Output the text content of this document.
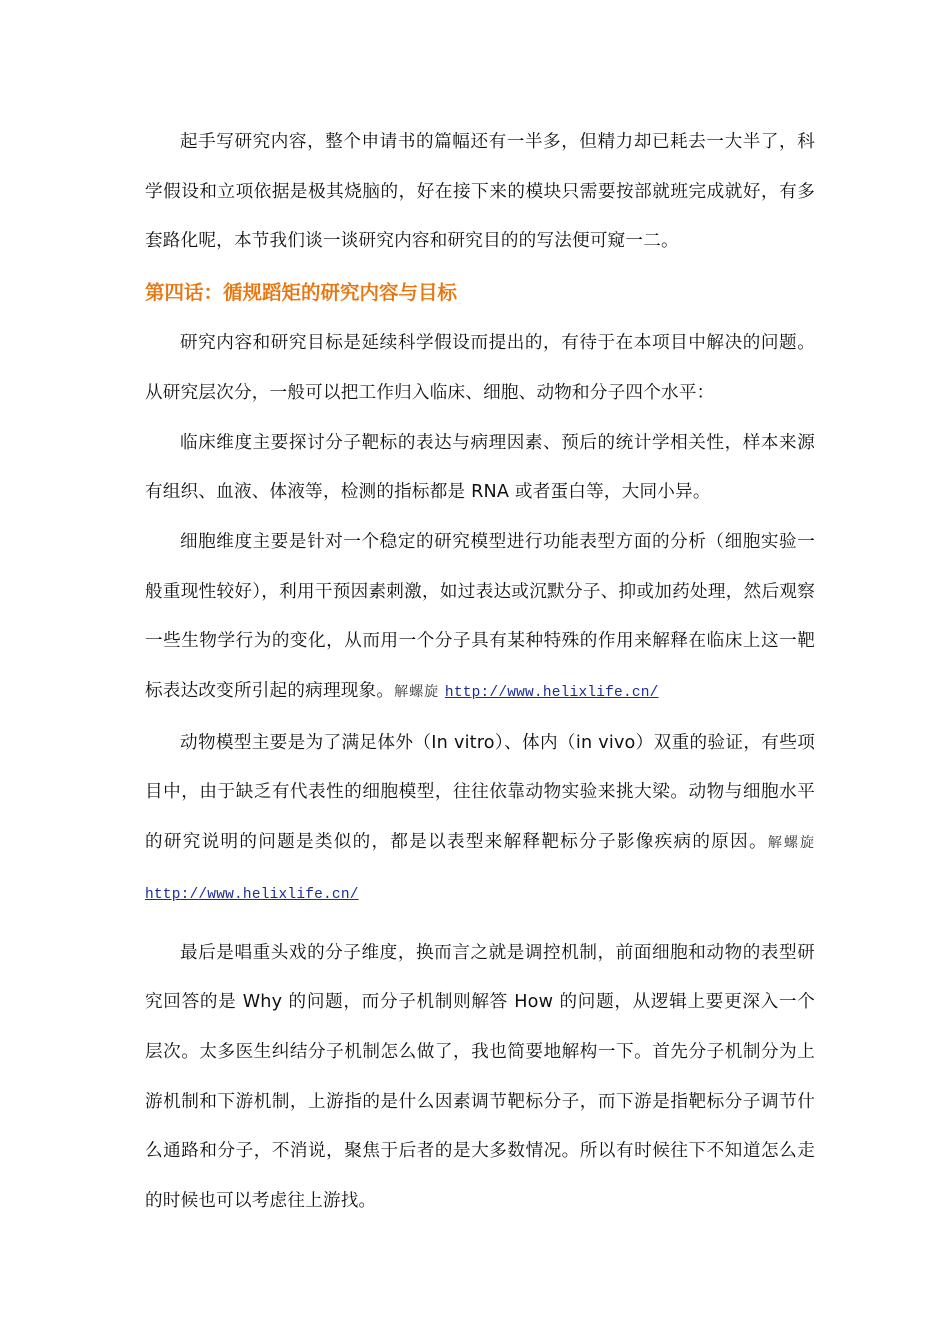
起手写研究内容，整个申请书的篇幅还有一半多，但精力却已耗去一大半了，科学假设和立项依据是极其烧脑的，好在接下来的模块只需要按部就班完成就好，有多套路化呢，本节我们谈一谈研究内容和研究目的的写法便可窥一二。

第四话：循规蹈矩的研究内容与目标

研究内容和研究目标是延续科学假设而提出的，有待于在本项目中解决的问题。从研究层次分，一般可以把工作归入临床、细胞、动物和分子四个水平：

临床维度主要探讨分子靶标的表达与病理因素、预后的统计学相关性，样本来源有组织、血液、体液等，检测的指标都是 RNA 或者蛋白等，大同小异。

细胞维度主要是针对一个稳定的研究模型进行功能表型方面的分析（细胞实验一般重现性较好），利用干预因素刺激，如过表达或沉默分子、抑或加药处理，然后观察一些生物学行为的变化，从而用一个分子具有某种特殊的作用来解释在临床上这一靶标表达改变所引起的病理现象。解螺旋 http://www.helixlife.cn/

动物模型主要是为了满足体外（In vitro）、体内（in vivo）双重的验证，有些项目中，由于缺乏有代表性的细胞模型，往往依靠动物实验来挑大梁。动物与细胞水平的研究说明的问题是类似的，都是以表型来解释靶标分子影像疾病的原因。解螺旋 http://www.helixlife.cn/

最后是唱重头戏的分子维度，换而言之就是调控机制，前面细胞和动物的表型研究回答的是 Why 的问题，而分子机制则解答 How 的问题，从逻辑上要更深入一个层次。太多医生纠结分子机制怎么做了，我也简要地解构一下。首先分子机制分为上游机制和下游机制，上游指的是什么因素调节靶标分子，而下游是指靶标分子调节什么通路和分子，不消说，聚焦于后者的是大多数情况。所以有时候往下不知道怎么走的时候也可以考虑往上游找。
